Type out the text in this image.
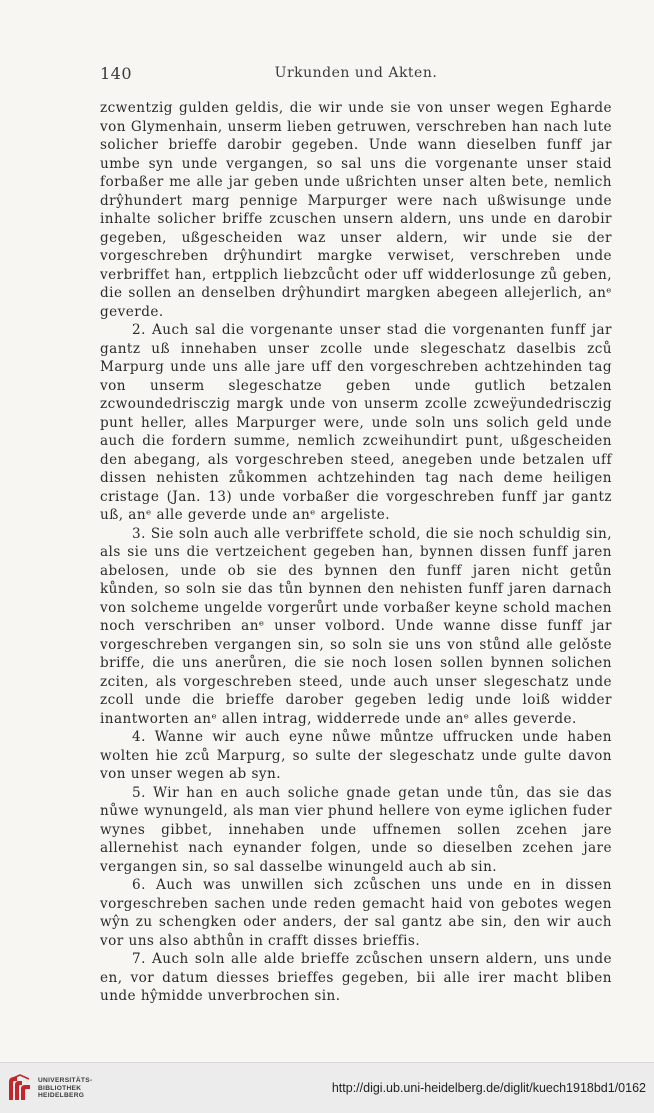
140	Urkunden und Akten.

zcwentzig gulden geldis, die wir unde sie von unser wegen Egharde von Glymenhain, unserm lieben getruwen, verschreben han nach lute solicher brieffe darobir gegeben. Unde wann dieselben funff jar umbe syn unde vergangen, so sal uns die vorgenante unser staid forbaßer me alle jar geben unde ußrichten unser alten bete, nemlich drŷhundert marg pennige Marpurger were nach ußwisunge unde inhalte solicher briffe zcuschen unsern aldern, uns unde en darobir gegeben, ußgescheiden waz unser aldern, wir unde sie der vorgeschreben drŷhundirt margke verwiset, verschreben unde verbriffet han, ertpplich liebzcůcht oder uff widderlosunge zů geben, die sollen an denselben drŷhundirt margken abegeen allejerlich, anᵉ geverde.

2. Auch sal die vorgenante unser stad die vorgenanten funff jar gantz uß innehaben unser zcolle unde slegeschatz daselbis zců Marpurg unde uns alle jare uff den vorgeschreben achtzehinden tag von unserm slegeschatze geben unde gutlich betzalen zcwoundedrisczig margk unde von unserm zcolle zcweÿundedrisczig punt heller, alles Marpurger were, unde soln uns solich geld unde auch die fordern summe, nemlich zcweihundirt punt, ußgescheiden den abegang, als vorgeschreben steed, anegeben unde betzalen uff dissen nehisten zůkommen achtzehinden tag nach deme heiligen cristage (Jan. 13) unde vorbaßer die vorgeschreben funff jar gantz uß, anᵉ alle geverde unde anᵉ argeliste.

3. Sie soln auch alle verbriffete schold, die sie noch schuldig sin, als sie uns die vertzeichent gegeben han, bynnen dissen funff jaren abelosen, unde ob sie des bynnen den funff jaren nicht getůn kůnden, so soln sie das tůn bynnen den nehisten funff jaren darnach von solcheme ungelde vorgerůrt unde vorbaßer keyne schold machen noch verschriben anᵉ unser volbord. Unde wanne disse funff jar vorgeschreben vergangen sin, so soln sie uns von stůnd alle gelǒste briffe, die uns anerůren, die sie noch losen sollen bynnen solichen zciten, als vorgeschreben steed, unde auch unser slegeschatz unde zcoll unde die brieffe darober gegeben ledig unde loiß widder inantworten anᵉ allen intrag, widderrede unde anᵉ alles geverde.

4. Wanne wir auch eyne nůwe můntze uffrucken unde haben wolten hie zců Marpurg, so sulte der slegeschatz unde gulte davon von unser wegen ab syn.

5. Wir han en auch soliche gnade getan unde tůn, das sie das nůwe wynungeld, als man vier phund hellere von eyme iglichen fuder wynes gibbet, innehaben unde uffnemen sollen zcehen jare allernehist nach eynander folgen, unde so dieselben zcehen jare vergangen sin, so sal dasselbe winungeld auch ab sin.

6. Auch was unwillen sich zcůschen uns unde en in dissen vorgeschreben sachen unde reden gemacht haid von gebotes wegen wŷn zu schengken oder anders, der sal gantz abe sin, den wir auch vor uns also abthůn in crafft disses brieffis.

7. Auch soln alle alde brieffe zcůschen unsern aldern, uns unde en, vor datum diesses brieffes gegeben, bii alle irer macht bliben unde hŷmidde unverbrochen sin.

UNIVERSITÄTS-
BIBLIOTHEK
HEIDELBERG
http://digi.ub.uni-heidelberg.de/diglit/kuech1918bd1/0162
